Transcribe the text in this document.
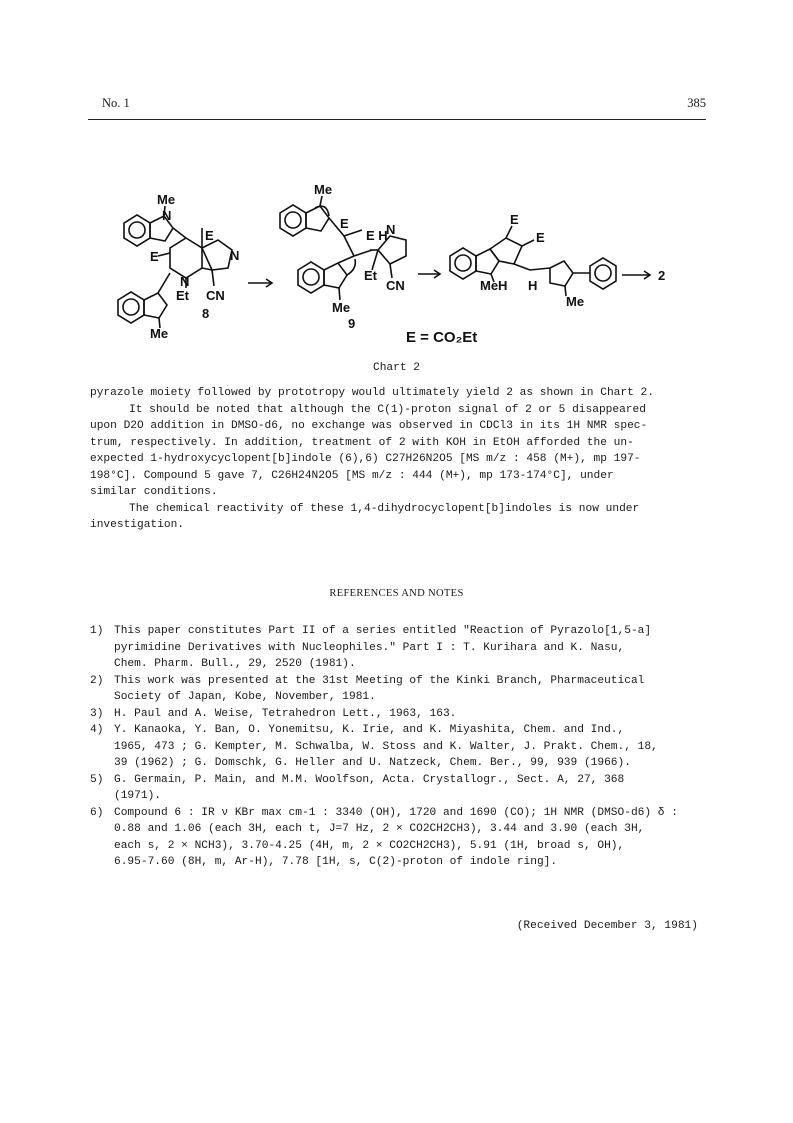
No. 1	385
Me
N
E
E	N
N
Et CN
8
Me
Me
E
E H
N
Et
CN
Me
9
E
E
MeH H
Me
2
E = CO₂Et
Chart 2

pyrazole moiety followed by prototropy would ultimately yield 2 as shown in Chart 2.

It should be noted that although the C(1)-proton signal of 2 or 5 disappeared

upon D2O addition in DMSO-d6, no exchange was observed in CDCl3 in its 1H NMR spec-

trum, respectively. In addition, treatment of 2 with KOH in EtOH afforded the un-

expected 1-hydroxycyclopent[b]indole (6),6) C27H26N2O5 [MS m/z : 458 (M+), mp 197-

198°C]. Compound 5 gave 7, C26H24N2O5 [MS m/z : 444 (M+), mp 173-174°C], under

similar conditions.

The chemical reactivity of these 1,4-dihydrocyclopent[b]indoles is now under

investigation.

REFERENCES AND NOTES
1) This paper constitutes Part II of a series entitled "Reaction of Pyrazolo[1,5-a]
pyrimidine Derivatives with Nucleophiles." Part I : T. Kurihara and K. Nasu,
Chem. Pharm. Bull., 29, 2520 (1981).
2) This work was presented at the 31st Meeting of the Kinki Branch, Pharmaceutical
Society of Japan, Kobe, November, 1981.
3) H. Paul and A. Weise, Tetrahedron Lett., 1963, 163.
4) Y. Kanaoka, Y. Ban, O. Yonemitsu, K. Irie, and K. Miyashita, Chem. and Ind.,
1965, 473 ; G. Kempter, M. Schwalba, W. Stoss and K. Walter, J. Prakt. Chem., 18,
39 (1962) ; G. Domschk, G. Heller and U. Natzeck, Chem. Ber., 99, 939 (1966).
5) G. Germain, P. Main, and M.M. Woolfson, Acta. Crystallogr., Sect. A, 27, 368
(1971).
6) Compound 6 : IR ν KBr max cm-1 : 3340 (OH), 1720 and 1690 (CO); 1H NMR (DMSO-d6) δ :
0.88 and 1.06 (each 3H, each t, J=7 Hz, 2 × CO2CH2CH3), 3.44 and 3.90 (each 3H,
each s, 2 × NCH3), 3.70-4.25 (4H, m, 2 × CO2CH2CH3), 5.91 (1H, broad s, OH),
6.95-7.60 (8H, m, Ar-H), 7.78 [1H, s, C(2)-proton of indole ring].
(Received December 3, 1981)
